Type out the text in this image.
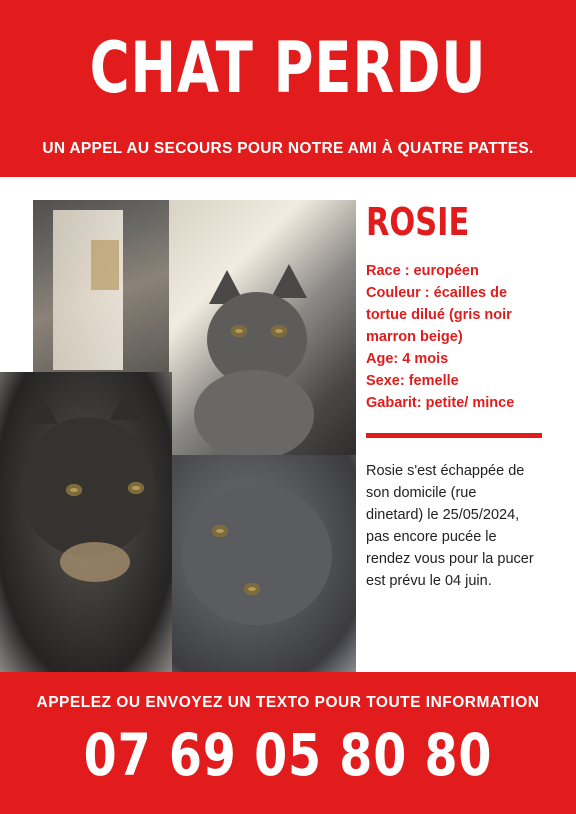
CHAT PERDU
UN APPEL AU SECOURS POUR NOTRE AMI À QUATRE PATTES.
ROSIE
Race : européen
Couleur : écailles de
tortue dilué (gris noir
marron beige)
Age: 4 mois
Sexe: femelle
Gabarit: petite/ mince
Rosie s'est échappée de
son domicile (rue
dinetard) le 25/05/2024,
pas encore pucée le
rendez vous pour la pucer
est prévu le 04 juin.
APPELEZ OU ENVOYEZ UN TEXTO POUR TOUTE INFORMATION
07 69 05 80 80
